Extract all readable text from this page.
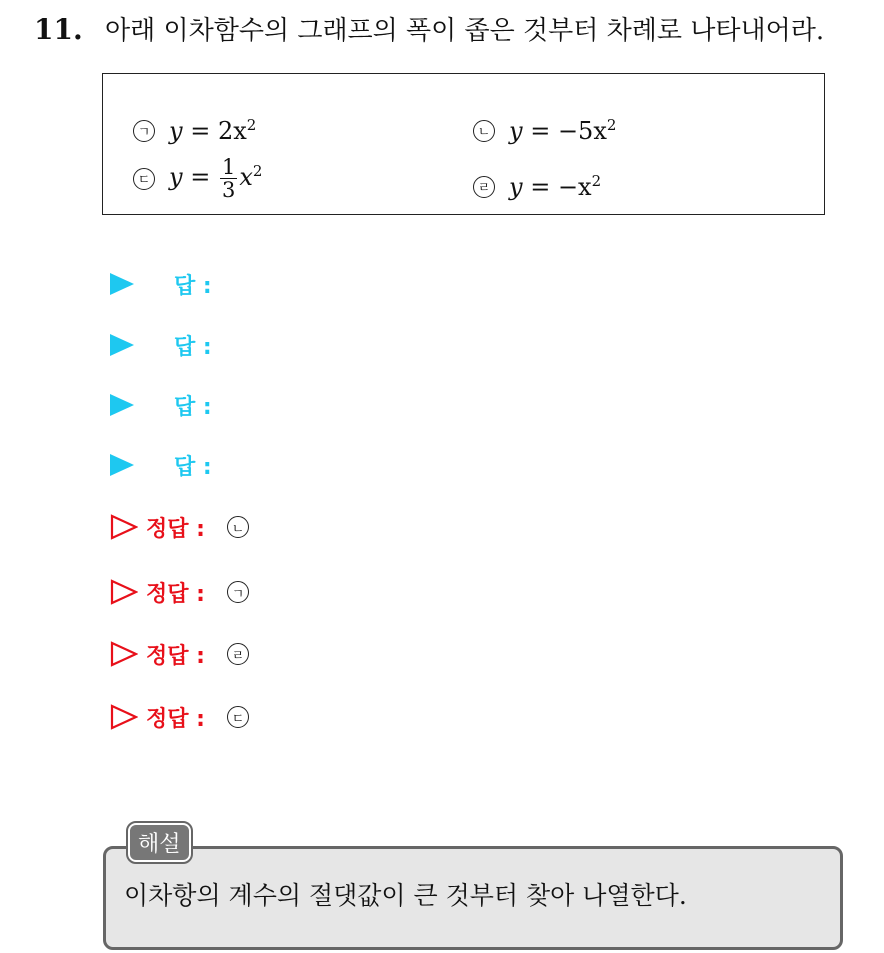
11. 아래 이차함수의 그래프의 폭이 좁은 것부터 차례로 나타내어라.
ㄱ $y = 2x^2$	ㄴ $y = -5x^2$
ㄷ $y = \frac{1}{3} x^2$
ㄹ $y = -x^2$
답 :
답 :
답 :
답 :
정답 :	ㄴ
정답 :	ㄱ
정답 :	ㄹ
정답 :	ㄷ
해설
이차항의 계수의 절댓값이 큰 것부터 찾아 나열한다.
